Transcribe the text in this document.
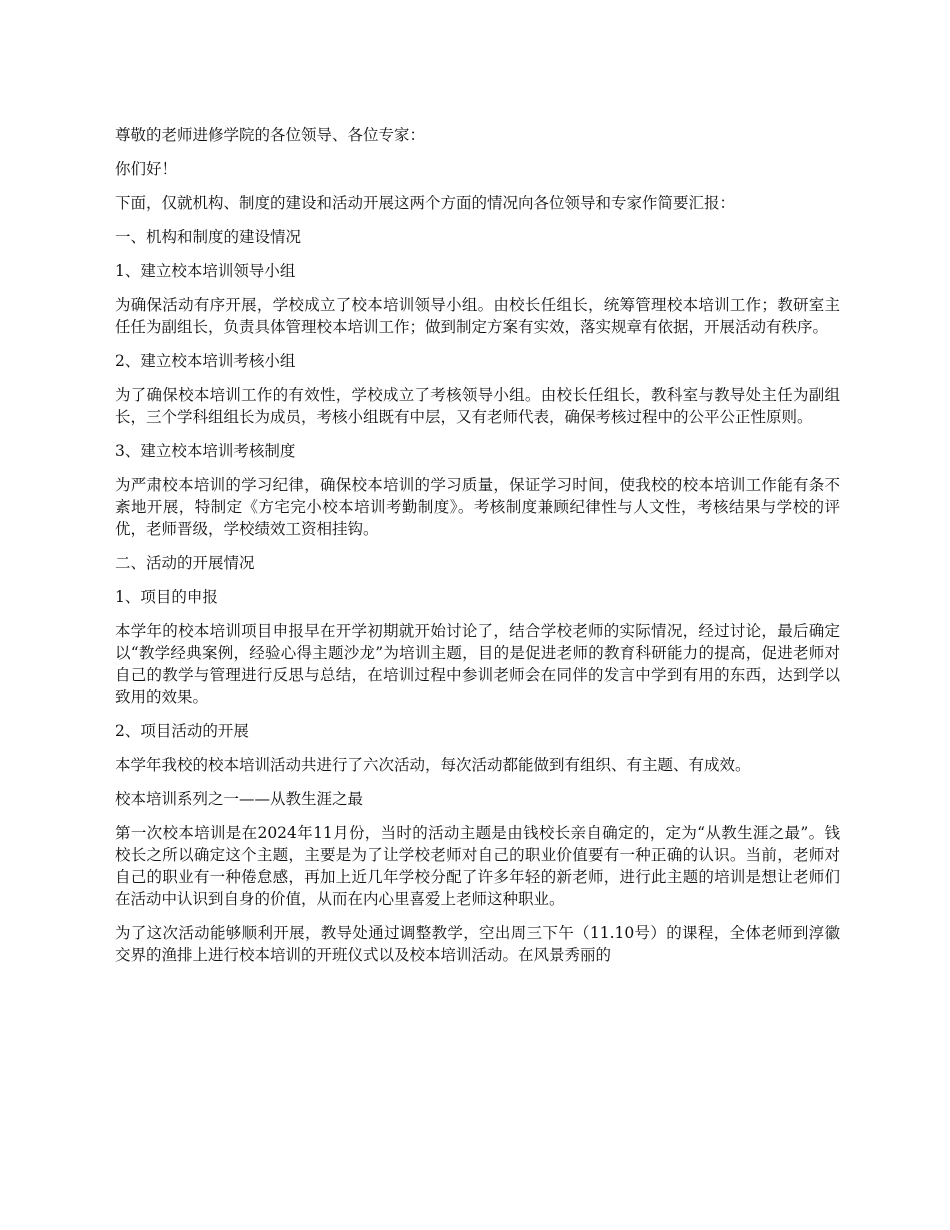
尊敬的老师进修学院的各位领导、各位专家：

你们好！

下面，仅就机构、制度的建设和活动开展这两个方面的情况向各位领导和专家作简要汇报：

一、机构和制度的建设情况

1、建立校本培训领导小组

为确保活动有序开展，学校成立了校本培训领导小组。由校长任组长，统筹管理校本培训工作；教研室主任任为副组长，负责具体管理校本培训工作；做到制定方案有实效，落实规章有依据，开展活动有秩序。

2、建立校本培训考核小组

为了确保校本培训工作的有效性，学校成立了考核领导小组。由校长任组长，教科室与教导处主任为副组长，三个学科组组长为成员，考核小组既有中层，又有老师代表，确保考核过程中的公平公正性原则。

3、建立校本培训考核制度

为严肃校本培训的学习纪律，确保校本培训的学习质量，保证学习时间，使我校的校本培训工作能有条不紊地开展，特制定《方宅完小校本培训考勤制度》。考核制度兼顾纪律性与人文性，考核结果与学校的评优，老师晋级，学校绩效工资相挂钩。

二、活动的开展情况

1、项目的申报

本学年的校本培训项目申报早在开学初期就开始讨论了，结合学校老师的实际情况，经过讨论，最后确定以“教学经典案例，经验心得主题沙龙”为培训主题，目的是促进老师的教育科研能力的提高，促进老师对自己的教学与管理进行反思与总结，在培训过程中参训老师会在同伴的发言中学到有用的东西，达到学以致用的效果。

2、项目活动的开展

本学年我校的校本培训活动共进行了六次活动，每次活动都能做到有组织、有主题、有成效。

校本培训系列之一——从教生涯之最

第一次校本培训是在2024年11月份，当时的活动主题是由钱校长亲自确定的，定为“从教生涯之最”。钱校长之所以确定这个主题，主要是为了让学校老师对自己的职业价值要有一种正确的认识。当前，老师对自己的职业有一种倦怠感，再加上近几年学校分配了许多年轻的新老师，进行此主题的培训是想让老师们在活动中认识到自身的价值，从而在内心里喜爱上老师这种职业。

为了这次活动能够顺利开展，教导处通过调整教学，空出周三下午（11.10号）的课程，全体老师到淳徽交界的渔排上进行校本培训的开班仪式以及校本培训活动。在风景秀丽的
